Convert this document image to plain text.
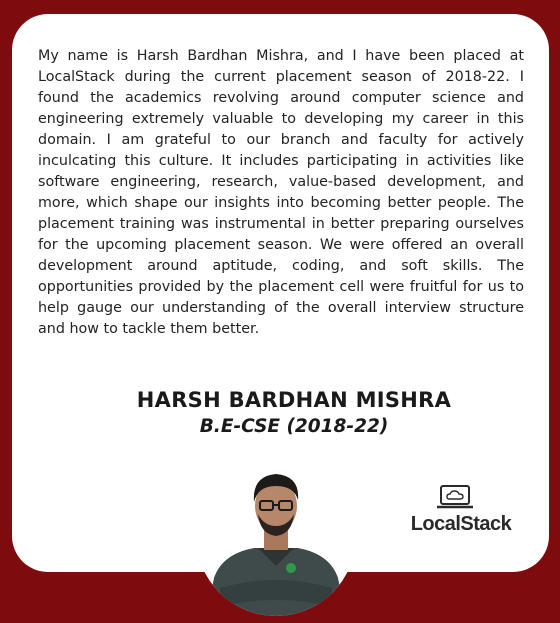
My name is Harsh Bardhan Mishra, and I have been placed at LocalStack during the current placement season of 2018-22. I found the academics revolving around computer science and engineering extremely valuable to developing my career in this domain. I am grateful to our branch and faculty for actively inculcating this culture. It includes participating in activities like software engineering, research, value-based development, and more, which shape our insights into becoming better people. The placement training was instrumental in better preparing ourselves for the upcoming placement season. We were offered an overall development around aptitude, coding, and soft skills. The opportunities provided by the placement cell were fruitful for us to help gauge our understanding of the overall interview structure and how to tackle them better.

HARSH BARDHAN MISHRA
B.E-CSE (2018-22)
LocalStack
